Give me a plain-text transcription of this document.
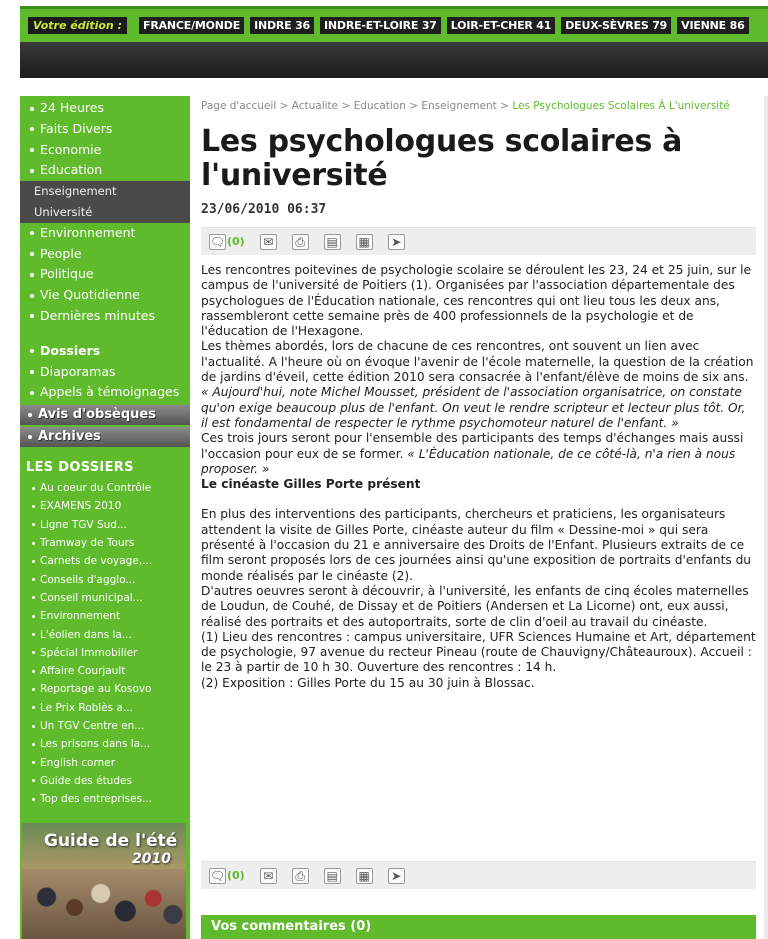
Votre édition :	FRANCE/MONDE	INDRE 36	INDRE-ET-LOIRE 37	LOIR-ET-CHER 41	DEUX-SÈVRES 79	VIENNE 86
24 Heures
Faits Divers
Economie
Education
Enseignement
Université
Environnement
People
Politique
Vie Quotidienne
Dernières minutes
Dossiers
Diaporamas
Appels à témoignages
Avis d'obsèques
Archives
LES DOSSIERS
Au coeur du Contrôle
EXAMENS 2010
Ligne TGV Sud...
Tramway de Tours
Carnets de voyage,...
Conseils d'agglo...
Conseil municipal...
Environnement
L'éolien dans la...
Spécial Immobilier
Affaire Courjault
Reportage au Kosovo
Le Prix Roblès a...
Un TGV Centre en...
Les prisons dans la...
English corner
Guide des études
Top des entreprises...
Guide de l'été
2010
Page d'accueil > Actualite > Education > Enseignement > Les Psychologues Scolaires À L'université
Les psychologues scolaires à l'université
23/06/2010 06:37
🗨 (0) ✉	⎙	▤ ▦ ➤

Les rencontres poitevines de psychologie scolaire se déroulent les 23, 24 et 25 juin, sur le campus de l'université de Poitiers (1). Organisées par l'association départementale des psychologues de l'Éducation nationale, ces rencontres qui ont lieu tous les deux ans, rassembleront cette semaine près de 400 professionnels de la psychologie et de l'éducation de l'Hexagone.

Les thèmes abordés, lors de chacune de ces rencontres, ont souvent un lien avec l'actualité. A l'heure où on évoque l'avenir de l'école maternelle, la question de la création de jardins d'éveil, cette édition 2010 sera consacrée à l'enfant/élève de moins de six ans. « Aujourd'hui, note Michel Mousset, président de l'association organisatrice, on constate qu'on exige beaucoup plus de l'enfant. On veut le rendre scripteur et lecteur plus tôt. Or, il est fondamental de respecter le rythme psychomoteur naturel de l'enfant. »

Ces trois jours seront pour l'ensemble des participants des temps d'échanges mais aussi l'occasion pour eux de se former. « L'Éducation nationale, de ce côté-là, n'a rien à nous proposer. »

Le cinéaste Gilles Porte présent

En plus des interventions des participants, chercheurs et praticiens, les organisateurs attendent la visite de Gilles Porte, cinéaste auteur du film « Dessine-moi » qui sera présenté à l'occasion du 21 e anniversaire des Droits de l'Enfant. Plusieurs extraits de ce film seront proposés lors de ces journées ainsi qu'une exposition de portraits d'enfants du monde réalisés par le cinéaste (2).

D'autres oeuvres seront à découvrir, à l'université, les enfants de cinq écoles maternelles de Loudun, de Couhé, de Dissay et de Poitiers (Andersen et La Licorne) ont, eux aussi, réalisé des portraits et des autoportraits, sorte de clin d'oeil au travail du cinéaste.

(1) Lieu des rencontres : campus universitaire, UFR Sciences Humaine et Art, département de psychologie, 97 avenue du recteur Pineau (route de Chauvigny/Châteauroux). Accueil : le 23 à partir de 10 h 30. Ouverture des rencontres : 14 h.

(2) Exposition : Gilles Porte du 15 au 30 juin à Blossac.

🗨 (0) ✉	⎙	▤ ▦ ➤
Vos commentaires (0)
